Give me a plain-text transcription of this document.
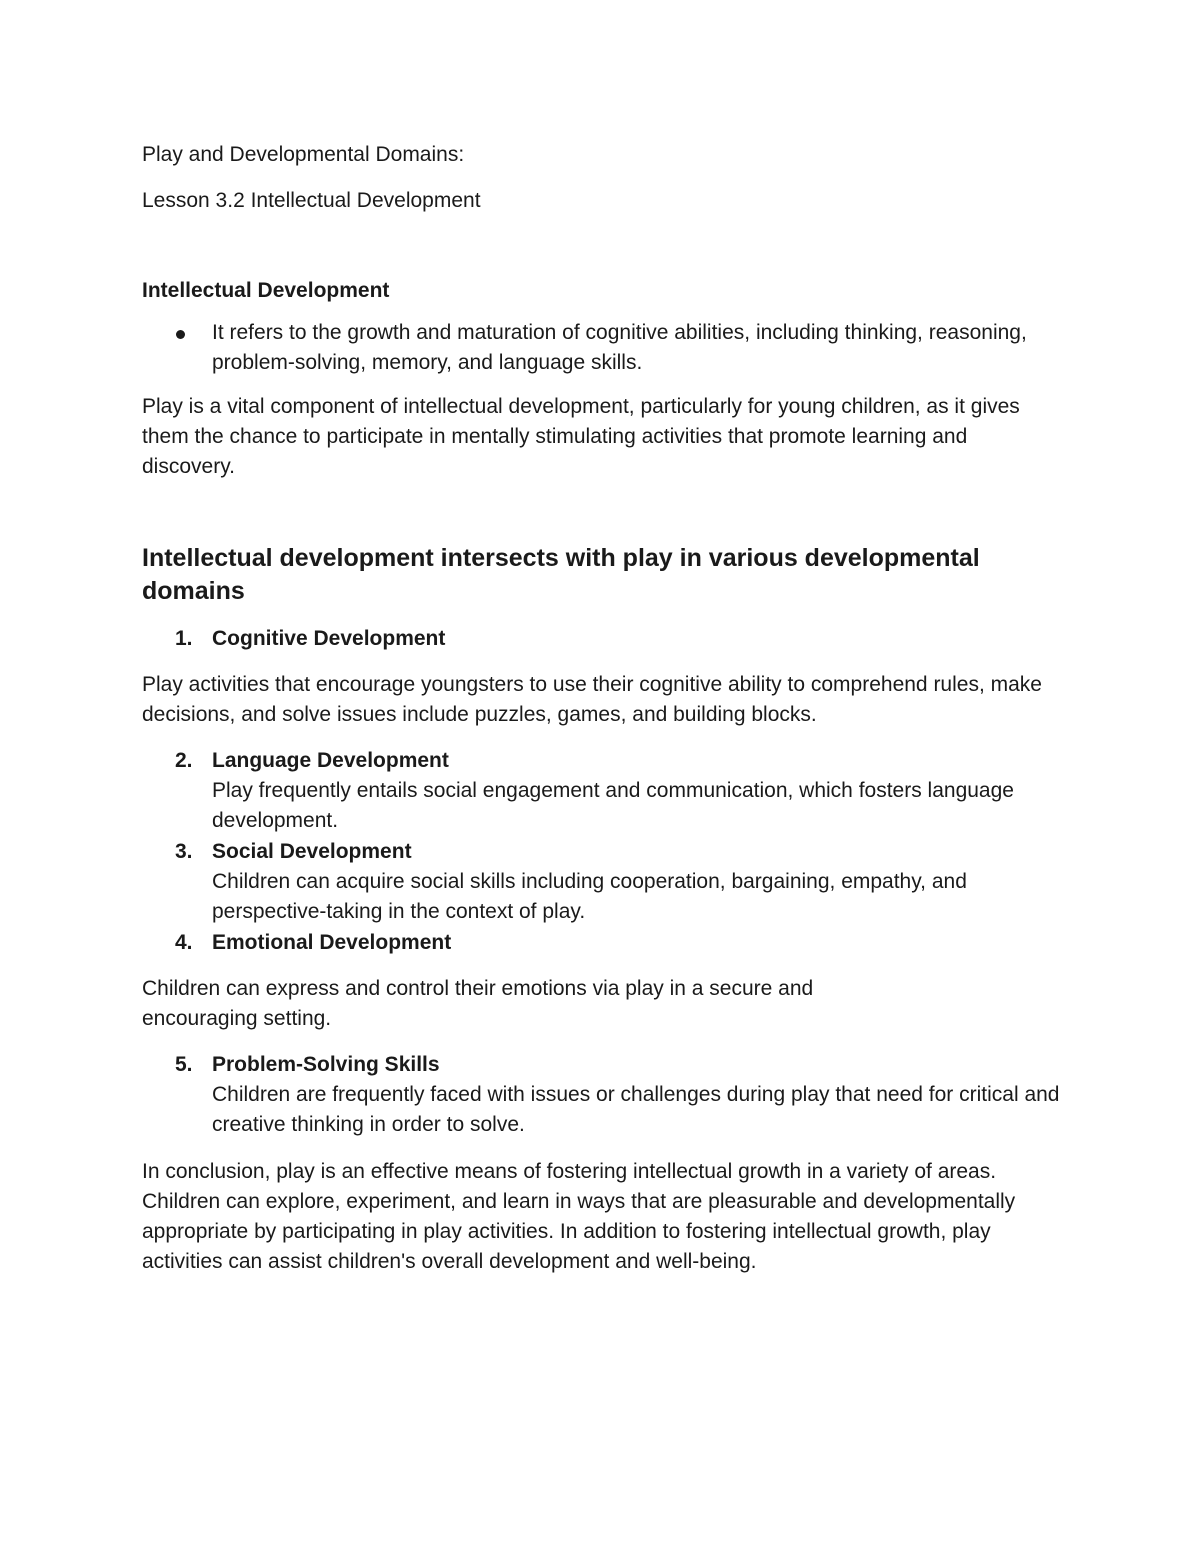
Play and Developmental Domains:
Lesson 3.2 Intellectual Development
Intellectual Development
It refers to the growth and maturation of cognitive abilities, including thinking, reasoning, problem-solving, memory, and language skills.

Play is a vital component of intellectual development, particularly for young children, as it gives them the chance to participate in mentally stimulating activities that promote learning and discovery.

Intellectual development intersects with play in various developmental domains
1. Cognitive Development

Play activities that encourage youngsters to use their cognitive ability to comprehend rules, make decisions, and solve issues include puzzles, games, and building blocks.

2. Language Development
Play frequently entails social engagement and communication, which fosters language development.
3. Social Development
Children can acquire social skills including cooperation, bargaining, empathy, and perspective-taking in the context of play.
4. Emotional Development

Children can express and control their emotions via play in a secure and encouraging setting.

5. Problem-Solving Skills
Children are frequently faced with issues or challenges during play that need for critical and creative thinking in order to solve.

In conclusion, play is an effective means of fostering intellectual growth in a variety of areas. Children can explore, experiment, and learn in ways that are pleasurable and developmentally appropriate by participating in play activities. In addition to fostering intellectual growth, play activities can assist children's overall development and well-being.
